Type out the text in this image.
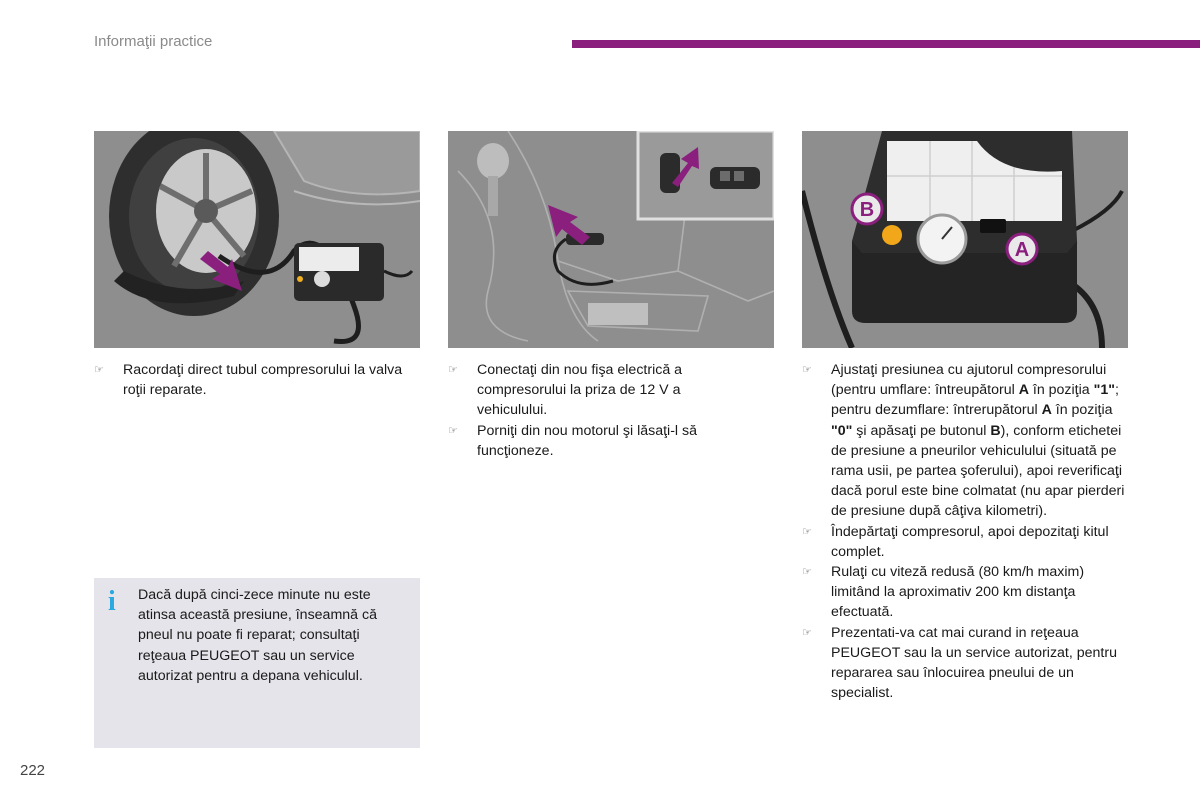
Informaţii practice
B
A
☞ Racordaţi direct tubul compresorului la valva roţii reparate.
☞ Conectaţi din nou fişa electrică a compresorului la priza de 12 V a vehiculului.
☞ Porniţi din nou motorul şi lăsaţi-l să funcţioneze.
☞ Ajustaţi presiunea cu ajutorul compresorului (pentru umflare: întreupătorul A în poziţia "1"; pentru dezumflare: întrerupătorul A în poziţia "0" şi apăsaţi pe butonul B), conform etichetei de presiune a pneurilor vehiculului (situată pe rama usii, pe partea şoferului), apoi reverificaţi dacă porul este bine colmatat (nu apar pierderi de presiune după câţiva kilometri).
☞ Îndepărtaţi compresorul, apoi depozitaţi kitul complet.
☞ Rulaţi cu viteză redusă (80 km/h maxim) limitând la aproximativ 200 km distanţa efectuată.
☞ Prezentati-va cat mai curand in reţeaua PEUGEOT sau la un service autorizat, pentru repararea sau înlocuirea pneului de un specialist.
i Dacă după cinci-zece minute nu este atinsa această presiune, înseamnă că pneul nu poate fi reparat; consultaţi reţeaua PEUGEOT sau un service autorizat pentru a depana vehiculul.
222
